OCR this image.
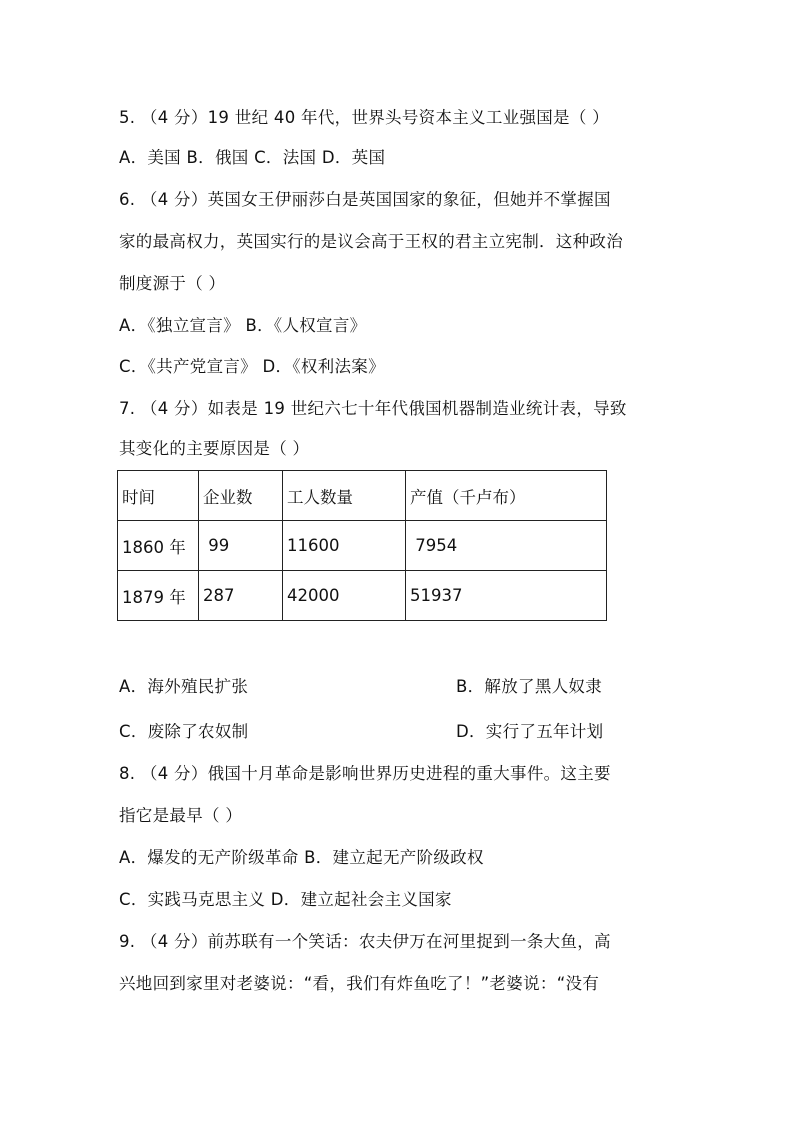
5. （4 分）19 世纪 40 年代，世界头号资本主义工业强国是（ ）
A．美国 B．俄国 C．法国 D．英国
6. （4 分）英国女王伊丽莎白是英国国家的象征，但她并不掌握国
家的最高权力，英国实行的是议会高于王权的君主立宪制．这种政治
制度源于（ ）
A．《独立宣言》 B．《人权宣言》
C．《共产党宣言》 D．《权利法案》
7. （4 分）如表是 19 世纪六七十年代俄国机器制造业统计表，导致
其变化的主要原因是（ ）
时间	企业数	工人数量	产值（千卢布）
1860 年	99	11600	7954
1879 年	287	42000	51937
A．海外殖民扩张	B．解放了黑人奴隶
C．废除了农奴制	D．实行了五年计划
8. （4 分）俄国十月革命是影响世界历史进程的重大事件。这主要
指它是最早（ ）
A．爆发的无产阶级革命 B．建立起无产阶级政权
C．实践马克思主义 D．建立起社会主义国家
9. （4 分）前苏联有一个笑话：农夫伊万在河里捉到一条大鱼，高
兴地回到家里对老婆说：“看，我们有炸鱼吃了！”老婆说：“没有
